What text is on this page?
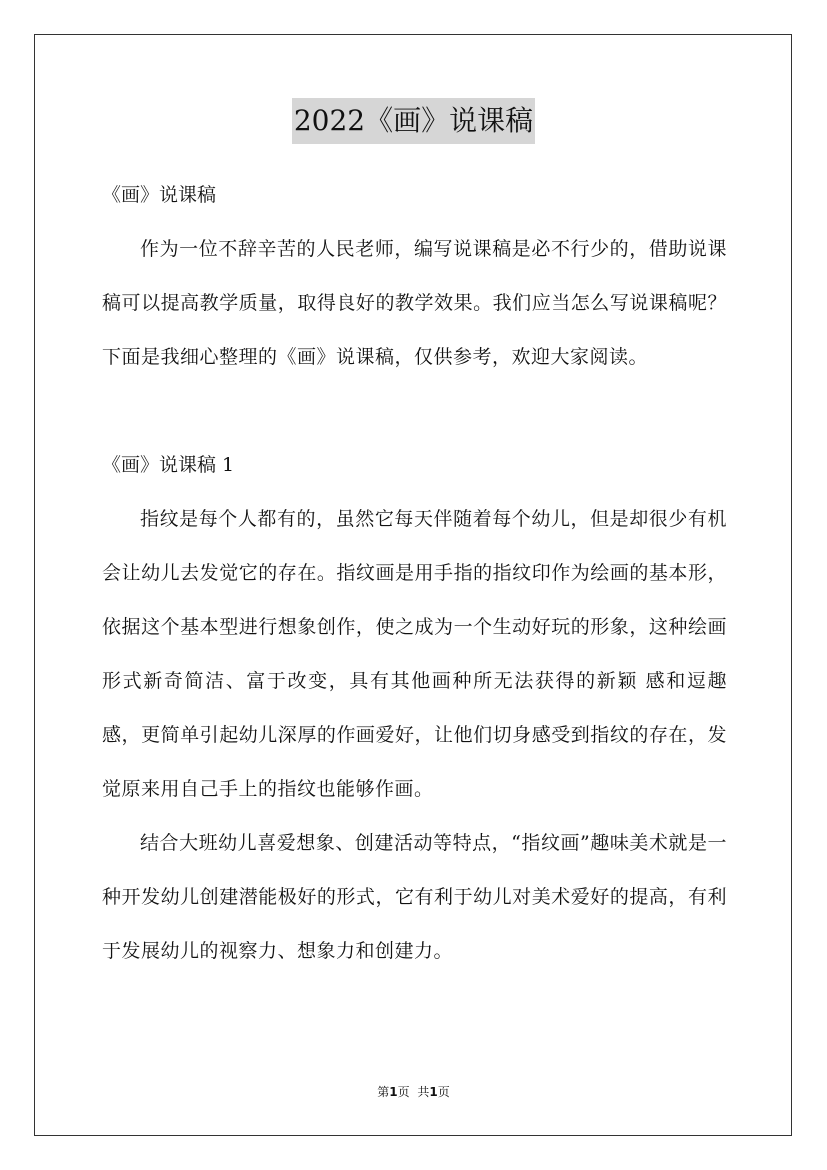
2022《画》说课稿

《画》说课稿

作为一位不辞辛苦的人民老师，编写说课稿是必不行少的，借助说课稿可以提高教学质量，取得良好的教学效果。我们应当怎么写说课稿呢？下面是我细心整理的《画》说课稿，仅供参考，欢迎大家阅读。

《画》说课稿 1

指纹是每个人都有的，虽然它每天伴随着每个幼儿，但是却很少有机会让幼儿去发觉它的存在。指纹画是用手指的指纹印作为绘画的基本形，依据这个基本型进行想象创作，使之成为一个生动好玩的形象，这种绘画形式新奇简洁、富于改变，具有其他画种所无法获得的新颖 感和逗趣感，更简单引起幼儿深厚的作画爱好，让他们切身感受到指纹的存在，发觉原来用自己手上的指纹也能够作画。

结合大班幼儿喜爱想象、创建活动等特点，“指纹画”趣味美术就是一种开发幼儿创建潜能极好的形式，它有利于幼儿对美术爱好的提高，有利于发展幼儿的视察力、想象力和创建力。

第1页 共1页
